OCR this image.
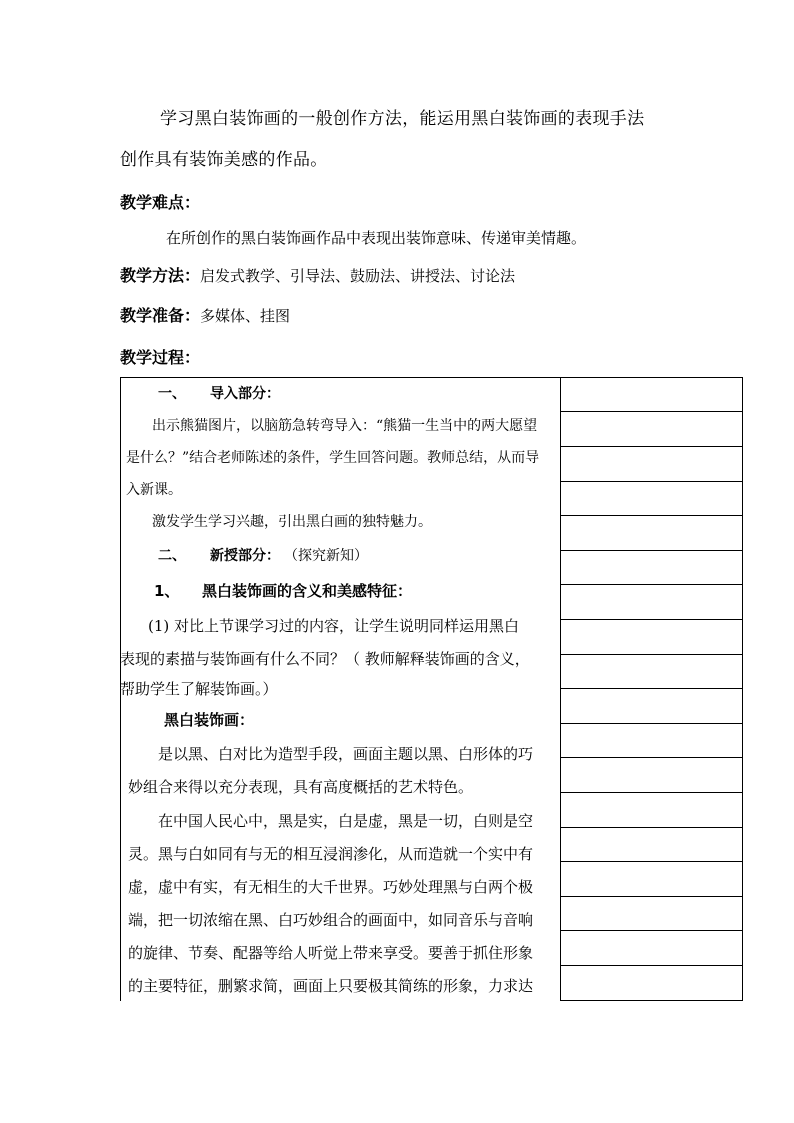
学习黑白装饰画的一般创作方法，能运用黑白装饰画的表现手法
创作具有装饰美感的作品。
教学难点：
在所创作的黑白装饰画作品中表现出装饰意味、传递审美情趣。
教学方法：启发式教学、引导法、鼓励法、讲授法、讨论法
教学准备：多媒体、挂图
教学过程：
一、 导入部分：
出示熊猫图片，以脑筋急转弯导入：“熊猫一生当中的两大愿望
是什么？”结合老师陈述的条件，学生回答问题。教师总结，从而导
入新课。
激发学生学习兴趣，引出黑白画的独特魅力。
二、 新授部分： （探究新知）
1、 黑白装饰画的含义和美感特征：
(1) 对比上节课学习过的内容，让学生说明同样运用黑白
表现的素描与装饰画有什么不同？（ 教师解释装饰画的含义，
帮助学生了解装饰画。）
黑白装饰画：
是以黑、白对比为造型手段，画面主题以黑、白形体的巧
妙组合来得以充分表现，具有高度概括的艺术特色。
在中国人民心中，黑是实，白是虚，黑是一切，白则是空
灵。黑与白如同有与无的相互浸润渗化，从而造就一个实中有
虚，虚中有实，有无相生的大千世界。巧妙处理黑与白两个极
端，把一切浓缩在黑、白巧妙组合的画面中，如同音乐与音响
的旋律、节奏、配器等给人听觉上带来享受。要善于抓住形象
的主要特征，删繁求简，画面上只要极其简练的形象，力求达
